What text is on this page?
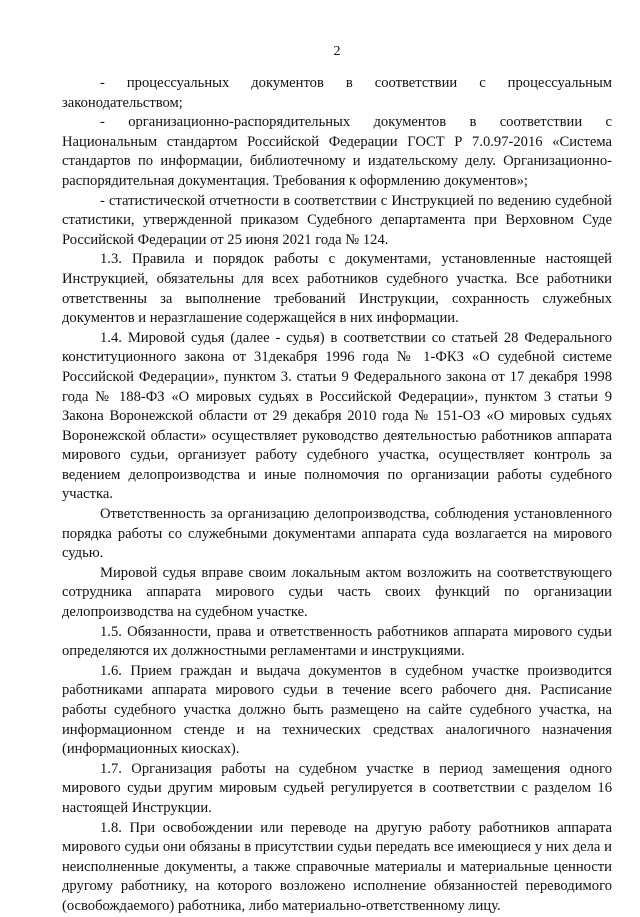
2

- процессуальных документов в соответствии с процессуальным законодательством;

- организационно-распорядительных документов в соответствии с Национальным стандартом Российской Федерации ГОСТ Р 7.0.97-2016 «Система стандартов по информации, библиотечному и издательскому делу. Организационно-распорядительная документация. Требования к оформлению документов»;

- статистической отчетности в соответствии с Инструкцией по ведению судебной статистики, утвержденной приказом Судебного департамента при Верховном Суде Российской Федерации от 25 июня 2021 года № 124.

1.3. Правила и порядок работы с документами, установленные настоящей Инструкцией, обязательны для всех работников судебного участка. Все работники ответственны за выполнение требований Инструкции, сохранность служебных документов и неразглашение содержащейся в них информации.

1.4. Мировой судья (далее - судья) в соответствии со статьей 28 Федерального конституционного закона от 31декабря 1996 года № 1-ФКЗ «О судебной системе Российской Федерации», пунктом 3. статьи 9 Федерального закона от 17 декабря 1998 года № 188-ФЗ «О мировых судьях в Российской Федерации», пунктом 3 статьи 9 Закона Воронежской области от 29 декабря 2010 года № 151-ОЗ «О мировых судьях Воронежской области» осуществляет руководство деятельностью работников аппарата мирового судьи, организует работу судебного участка, осуществляет контроль за ведением делопроизводства и иные полномочия по организации работы судебного участка.

Ответственность за организацию делопроизводства, соблюдения установленного порядка работы со служебными документами аппарата суда возлагается на мирового судью.

Мировой судья вправе своим локальным актом возложить на соответствующего сотрудника аппарата мирового судьи часть своих функций по организации делопроизводства на судебном участке.

1.5. Обязанности, права и ответственность работников аппарата мирового судьи определяются их должностными регламентами и инструкциями.

1.6. Прием граждан и выдача документов в судебном участке производится работниками аппарата мирового судьи в течение всего рабочего дня. Расписание работы судебного участка должно быть размещено на сайте судебного участка, на информационном стенде и на технических средствах аналогичного назначения (информационных киосках).

1.7. Организация работы на судебном участке в период замещения одного мирового судьи другим мировым судьей регулируется в соответствии с разделом 16 настоящей Инструкции.

1.8. При освобождении или переводе на другую работу работников аппарата мирового судьи они обязаны в присутствии судьи передать все имеющиеся у них дела и неисполненные документы, а также справочные материалы и материальные ценности другому работнику, на которого возложено исполнение обязанностей переводимого (освобождаемого) работника, либо материально-ответственному лицу.
